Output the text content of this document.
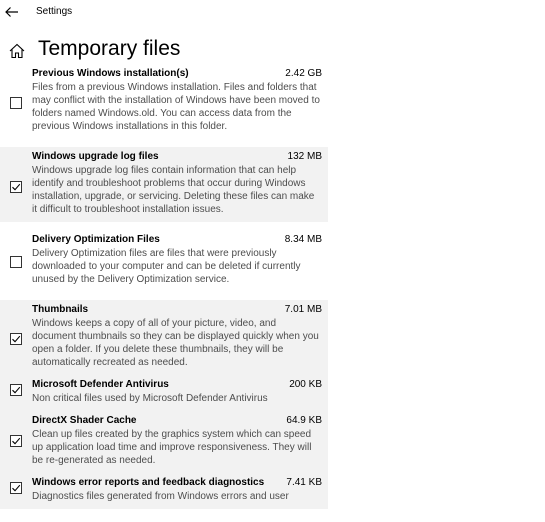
Settings
Temporary files
Previous Windows installation(s)	2.42 GB
Files from a previous Windows installation. Files and folders that may conflict with the installation of Windows have been moved to folders named Windows.old. You can access data from the previous Windows installations in this folder.
Windows upgrade log files	132 MB
Windows upgrade log files contain information that can help identify and troubleshoot problems that occur during Windows installation, upgrade, or servicing. Deleting these files can make it difficult to troubleshoot installation issues.
Delivery Optimization Files	8.34 MB
Delivery Optimization files are files that were previously downloaded to your computer and can be deleted if currently unused by the Delivery Optimization service.
Thumbnails	7.01 MB
Windows keeps a copy of all of your picture, video, and document thumbnails so they can be displayed quickly when you open a folder. If you delete these thumbnails, they will be automatically recreated as needed.
Microsoft Defender Antivirus	200 KB
Non critical files used by Microsoft Defender Antivirus
DirectX Shader Cache	64.9 KB
Clean up files created by the graphics system which can speed up application load time and improve responsiveness. They will be re-generated as needed.
Windows error reports and feedback diagnostics 7.41 KB
Diagnostics files generated from Windows errors and user
